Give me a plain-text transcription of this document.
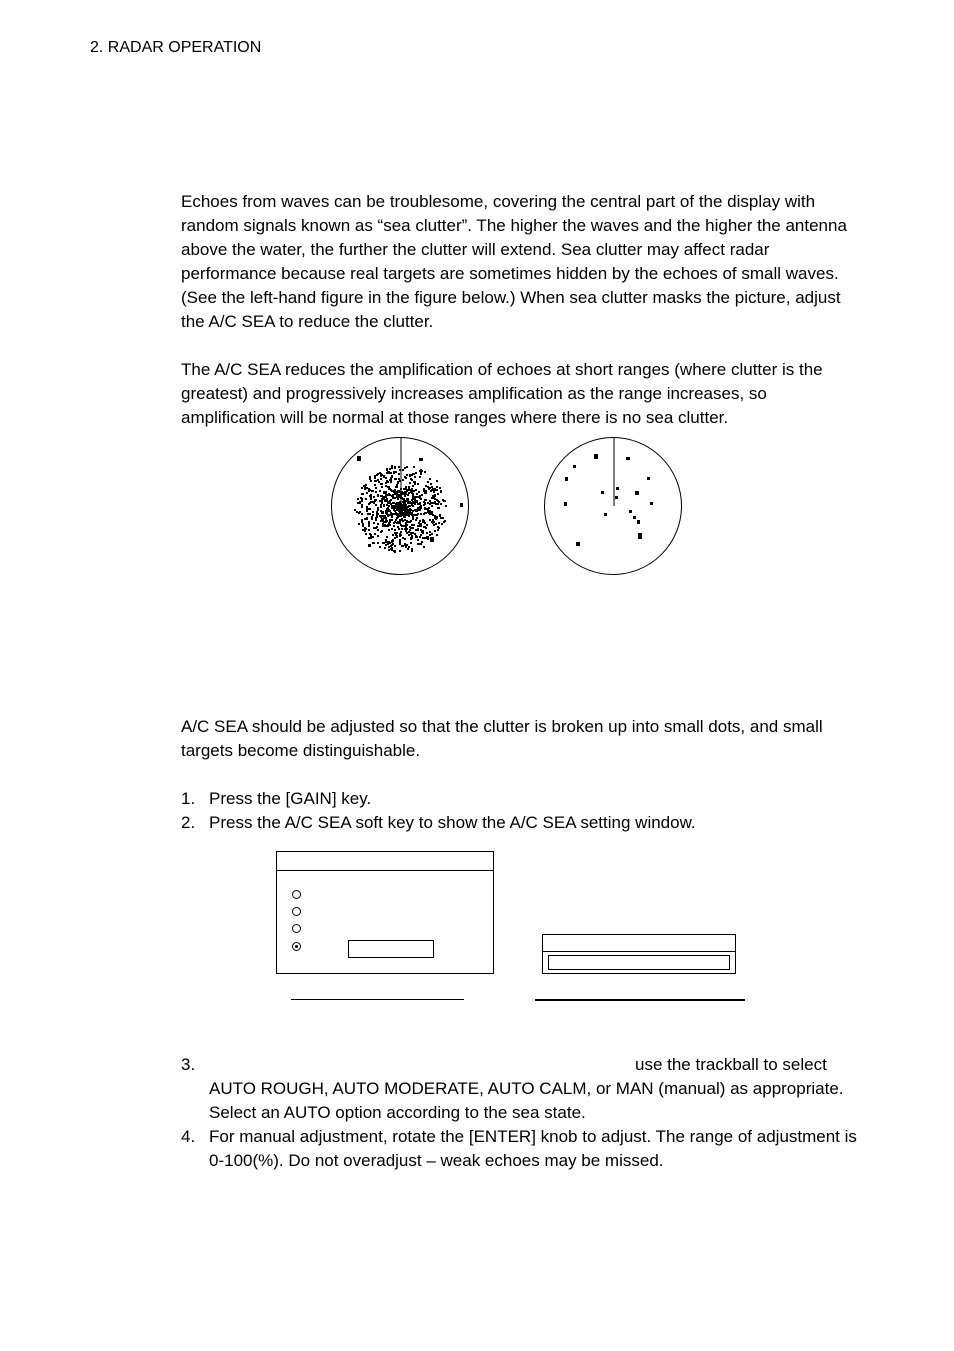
2. RADAR OPERATION

Echoes from waves can be troublesome, covering the central part of the display with random signals known as “sea clutter”. The higher the waves and the higher the antenna above the water, the further the clutter will extend. Sea clutter may affect radar performance because real targets are sometimes hidden by the echoes of small waves. (See the left-hand figure in the figure below.) When sea clutter masks the picture, adjust the A/C SEA to reduce the clutter.

The A/C SEA reduces the amplification of echoes at short ranges (where clutter is the greatest) and progressively increases amplification as the range increases, so amplification will be normal at those ranges where there is no sea clutter.

A/C SEA should be adjusted so that the clutter is broken up into small dots, and small targets become distinguishable.

1. Press the [GAIN] key.
2. Press the A/C SEA soft key to show the A/C SEA setting window.
3.	use the trackball to select AUTO ROUGH, AUTO MODERATE, AUTO CALM, or MAN (manual) as appropriate. Select an AUTO option according to the sea state.
4. For manual adjustment, rotate the [ENTER] knob to adjust. The range of adjustment is 0-100(%). Do not overadjust – weak echoes may be missed.
